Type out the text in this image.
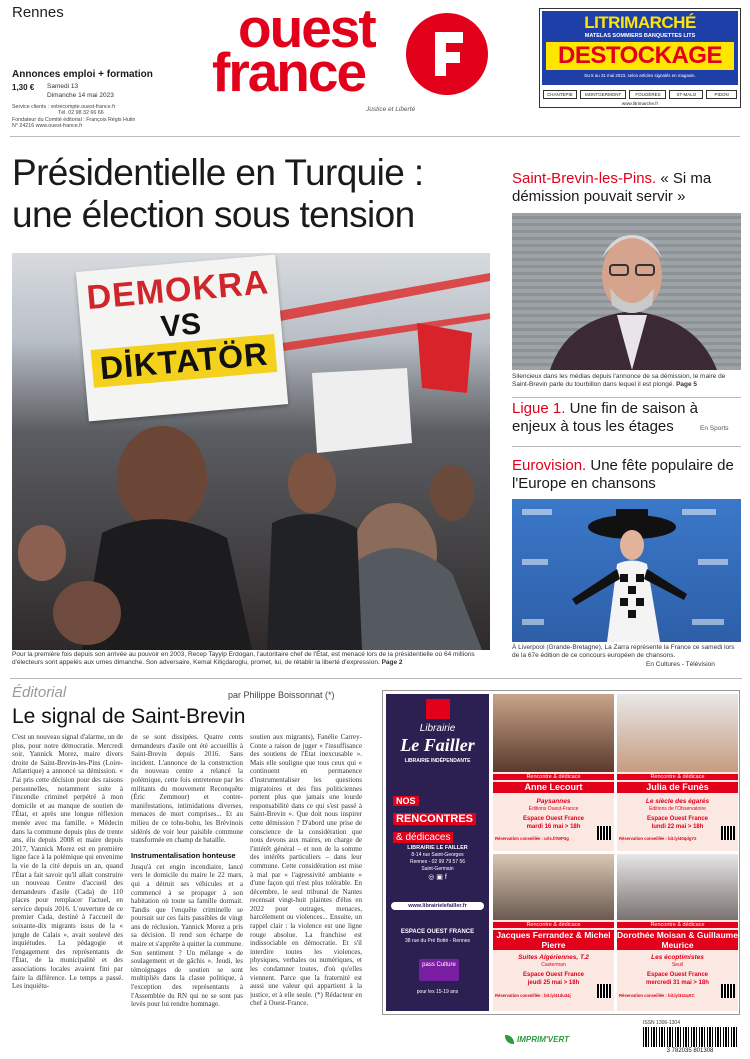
Rennes
Annonces emploi + formation
1,30 € Samedi 13
Dimanche 14 mai 2023
Service clients : votrecompte.ouest-france.fr
Tél. 02 98 32 66 66
Fondateur du Comité éditorial : François Régis Hutin
N° 24216 www.ouest-france.fr
ouest
france
Justice et Liberté
LITRIMARCHÉ
MATELAS SOMMIERS BANQUETTES LITS
DESTOCKAGE
Du 5 au 31 mai 2023, selon articles signalés en magasin.
CHANTEPIE	MONTGERMONT	FOUGÈRES	ST-MALO	PIDON
www.litrimarche.fr
Présidentielle en Turquie :
une élection sous tension
DEMOKRA
VS
DİKTATÖR
Pour la première fois depuis son arrivée au pouvoir en 2003, Recep Tayyip Erdogan, l'autoritaire chef de l'État, est menacé lors de la présidentielle où 64 millions d'électeurs sont appelés aux urnes dimanche. Son adversaire, Kemal Kiliçdaroglu, promet, lui, de rétablir la liberté d'expression. Page 2
Saint-Brevin-les-Pins. « Si ma démission pouvait servir »
Silencieux dans les médias depuis l'annonce de sa démission, le maire de Saint-Brevin parle du tourbillon dans lequel il est plongé. Page 5
Ligue 1. Une fin de saison à enjeux à tous les étages	En Sports
Eurovision. Une fête populaire de l'Europe en chansons
À Liverpool (Grande-Bretagne), La Zarra représente la France ce samedi lors de la 67e édition de ce concours européen de chansons.
En Cultures - Télévision
Éditorial	par Philippe Boissonnat (*)
Le signal de Saint-Brevin
C'est un nouveau signal d'alarme, un de plus, pour notre démocratie. Mercredi soir, Yannick Morez, maire divers droite de Saint-Brevin-les-Pins (Loire-Atlantique) a annoncé sa démission. « J'ai pris cette décision pour des raisons personnelles, notamment suite à l'incendie criminel perpétré à mon domicile et au manque de soutien de l'État, et après une longue réflexion menée avec ma famille. » Médecin dans la commune depuis plus de trente ans, élu depuis 2008 et maire depuis 2017, Yannick Morez est en première ligne face à la polémique qui envenime la vie de la cité depuis un an, quand l'État a fait savoir qu'il allait construire un nouveau Centre d'accueil des demandeurs d'asile (Cada) de 110 places pour remplacer l'actuel, en service depuis 2016. L'ouverture de ce premier Cada, destiné à l'accueil de soixante-dix migrants issus de la « jungle de Calais », avait soulevé des inquiétudes. La pédagogie et l'engagement des représentants de l'État, de la municipalité et des associations locales avaient fini par faire la différence. Le temps a passé. Les inquiétu-
de se sont dissipées. Quatre cents demandeurs d'asile ont été accueillis à Saint-Brevin depuis 2016. Sans incident. L'annonce de la construction du nouveau centre a relancé la polémique, cette fois entretenue par les militants du mouvement Reconquête (Éric Zemmour) et contre-manifestations, intimidations diverses, menaces de mort comprises... Et au milieu de ce tohu-bohu, les Brévinois sidérés de voir leur paisible commune transformée en champ de bataille.
Instrumentalisation honteuse
Jusqu'à cet engin incendiaire, lancé vers le domicile du maire le 22 mars, qui a détruit ses véhicules et a commencé à se propager à son habitation où toute sa famille dormait. Tandis que l'enquête criminelle se poursuit sur ces faits passibles de vingt ans de réclusion, Yannick Morez a pris sa décision. Il rend son écharpe de maire et s'apprête à quitter la commune. Son sentiment ? Un mélange « de soulagement et de gâchis ». Jeudi, les témoignages de soutien se sont multipliés dans la classe politique, à l'exception des représentants à l'Assemblée du RN qui ne se sont pas levés pour lui rendre hommage.
soutien aux migrants), Fanélie Carrey-Conte a raison de juger « l'insuffisance des soutiens de l'État inexcusable ». Mais elle souligne que tous ceux qui « continuent en permanence d'instrumentaliser les questions migratoires et des fins politiciennes portent plus que jamais une lourde responsabilité dans ce qui s'est passé à Saint-Brevin ». Que doit nous inspirer cette démission ? D'abord une prise de conscience de la considération que nous devons aux maires, en charge de l'intérêt général – et non de la somme des intérêts particuliers – dans leur commune. Cette considération est mise à mal par « l'agressivité ambiante » d'une façon qui n'est plus tolérable. En décembre, le seul tribunal de Nantes recensait vingt-huit plaintes d'élus en 2022 pour outrages, menaces, harcèlement ou violences... Ensuite, un rappel clair : la violence est une ligne rouge absolue. La franchise est indissociable en démocratie. Et s'il interdire toutes les violences, physiques, verbales ou numériques, et les condamner toutes, d'où qu'elles viennent. Parce que la fraternité est aussi une valeur qui appartient à la justice, et à elle seule. (*) Rédacteur en chef à Ouest-France.
Librairie
Le Failler
LIBRAIRIE INDÉPENDANTE
NOS
RENCONTRES
& dédicaces
LIBRAIRIE LE FAILLER
8-14 rue Saint-Georges
Rennes - 02 99 79 57 56
Saint-Germain
◎ ▣ f
www.librairielefailler.fr
ESPACE OUEST FRANCE
38 rue du Pré Botté - Rennes
pass Culture
pour les 15-19 ans
Rencontre & dédicace
Anne Lecourt
Paysannes
Éditions Ouest-France
Espace Ouest France
mardi 16 mai > 18h
Réservation conseillée : urls.fr/WP3g
Rencontre & dédicace
Julia de Funès
Le siècle des égarés
Éditions de l'Observatoire
Espace Ouest France
lundi 22 mai > 18h
Réservation conseillée : bit.ly/40qdgY2
Rencontre & dédicace
Jacques Ferrandez & Michel Pierre
Suites Algériennes, T.2
Casterman
Espace Ouest France
jeudi 25 mai > 18h
Réservation conseillée : bit.ly/41du34j
Rencontre & dédicace
Dorothée Moisan & Guillaume Meurice
Les écoptimistes
Seuil
Espace Ouest France
mercredi 31 mai > 18h
Réservation conseillée : bit.ly/341qKC
IMPRIM'VERT
ISSN 1306-1304
3 782035 801308
